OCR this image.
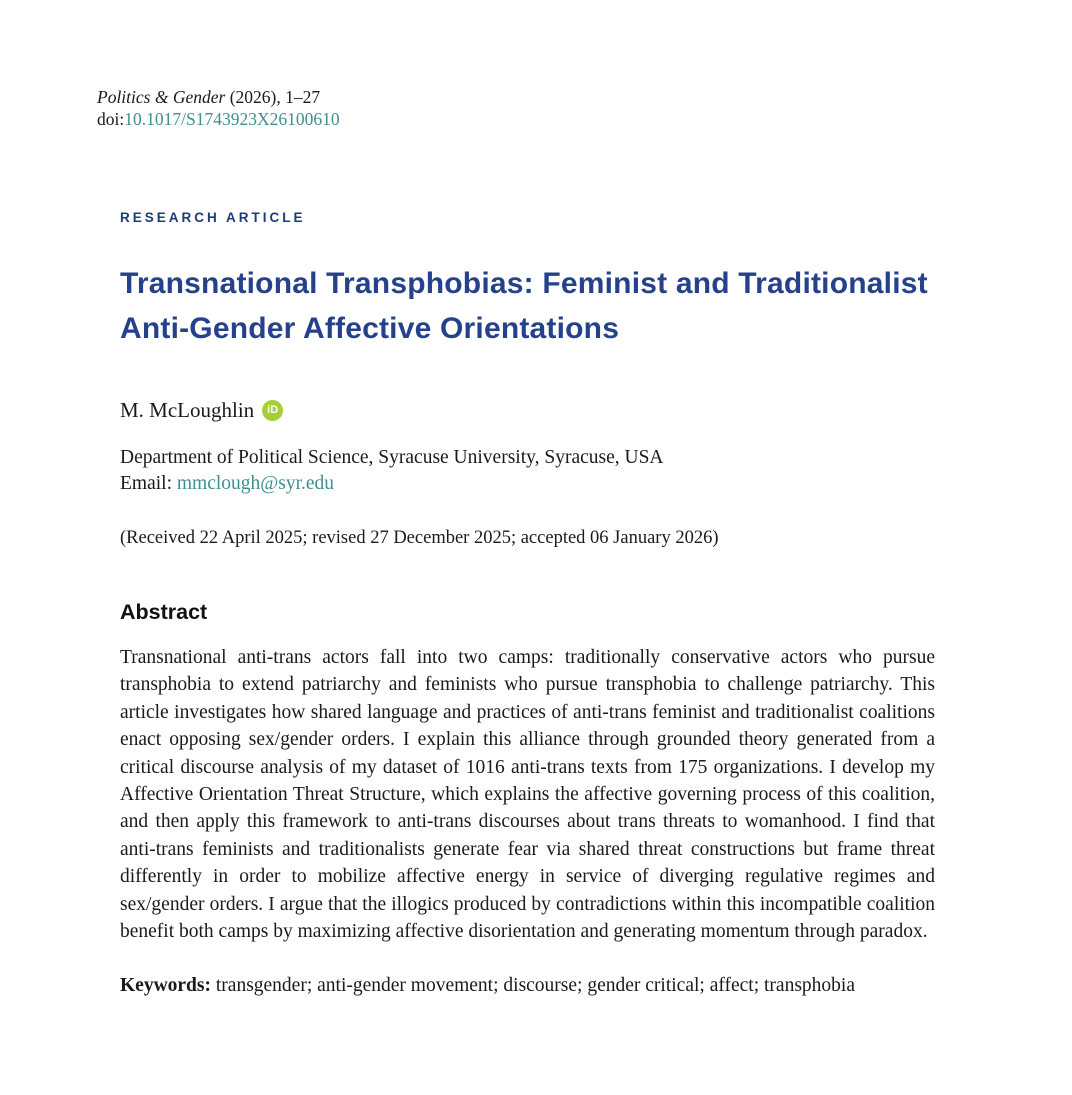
Politics & Gender (2026), 1–27
doi:10.1017/S1743923X26100610
RESEARCH ARTICLE
Transnational Transphobias: Feminist and Traditionalist Anti-Gender Affective Orientations
M. McLoughlin	iD
Department of Political Science, Syracuse University, Syracuse, USA
Email: mmclough@syr.edu
(Received 22 April 2025; revised 27 December 2025; accepted 06 January 2026)
Abstract

Transnational anti-trans actors fall into two camps: traditionally conservative actors who pursue transphobia to extend patriarchy and feminists who pursue transphobia to challenge patriarchy. This article investigates how shared language and practices of anti-trans feminist and traditionalist coalitions enact opposing sex/gender orders. I explain this alliance through grounded theory generated from a critical discourse analysis of my dataset of 1016 anti-trans texts from 175 organizations. I develop my Affective Orientation Threat Structure, which explains the affective governing process of this coalition, and then apply this framework to anti-trans discourses about trans threats to womanhood. I find that anti-trans feminists and traditionalists generate fear via shared threat constructions but frame threat differently in order to mobilize affective energy in service of diverging regulative regimes and sex/gender orders. I argue that the illogics produced by contradictions within this incompatible coalition benefit both camps by maximizing affective disorientation and generating momentum through paradox.

Keywords: transgender; anti-gender movement; discourse; gender critical; affect; transphobia
